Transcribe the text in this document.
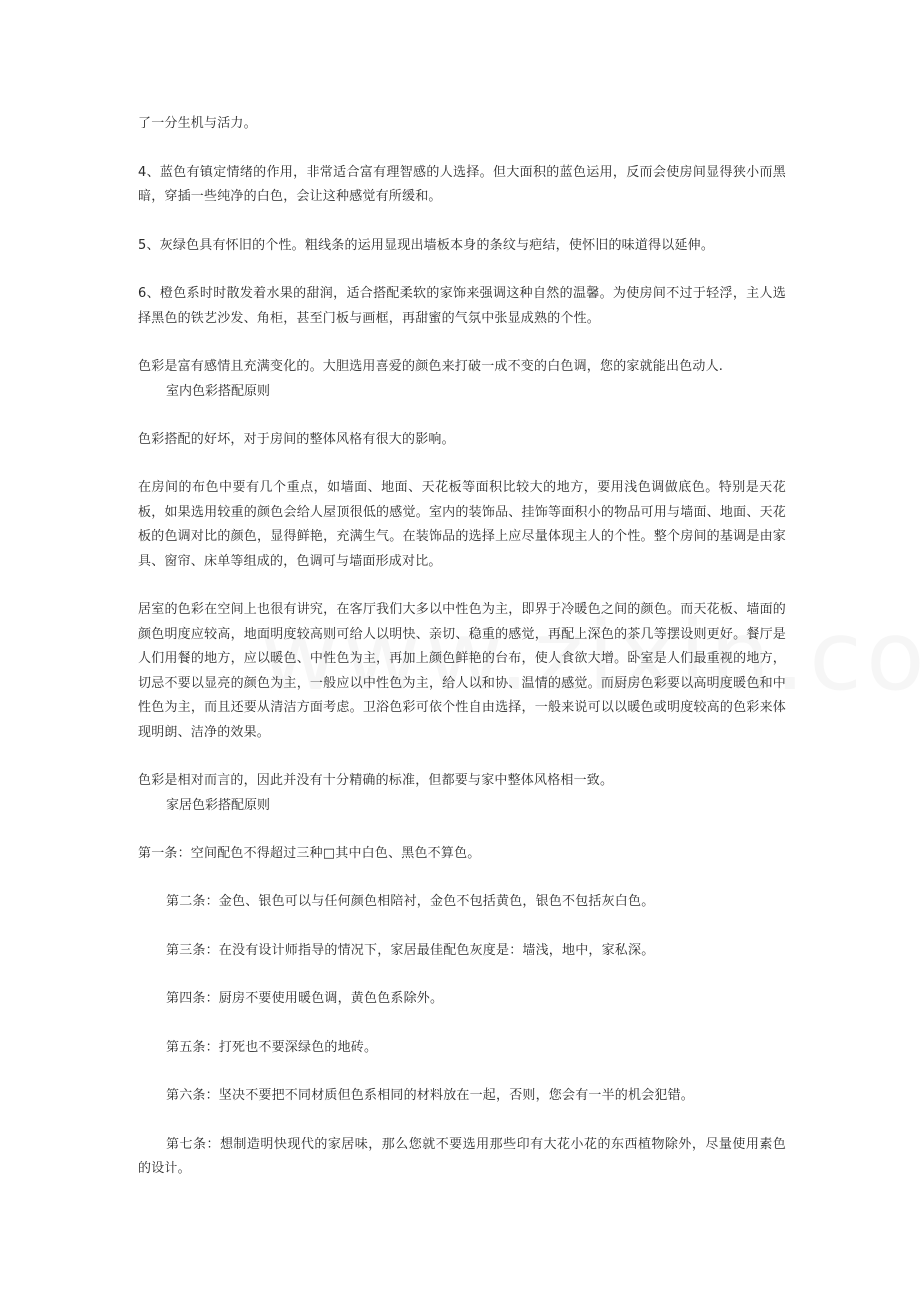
了一分生机与活力。

4、蓝色有镇定情绪的作用，非常适合富有理智感的人选择。但大面积的蓝色运用，反而会使房间显得狭小而黑暗，穿插一些纯净的白色，会让这种感觉有所缓和。

5、灰绿色具有怀旧的个性。粗线条的运用显现出墙板本身的条纹与疤结，使怀旧的味道得以延伸。

6、橙色系时时散发着水果的甜润，适合搭配柔软的家饰来强调这种自然的温馨。为使房间不过于轻浮，主人选择黑色的铁艺沙发、角柜，甚至门板与画框，再甜蜜的气氛中张显成熟的个性。

色彩是富有感情且充满变化的。大胆选用喜爱的颜色来打破一成不变的白色调，您的家就能出色动人.

室内色彩搭配原则

色彩搭配的好坏，对于房间的整体风格有很大的影响。

在房间的布色中要有几个重点，如墙面、地面、天花板等面积比较大的地方，要用浅色调做底色。特别是天花板，如果选用较重的颜色会给人屋顶很低的感觉。室内的装饰品、挂饰等面积小的物品可用与墙面、地面、天花板的色调对比的颜色，显得鲜艳，充满生气。在装饰品的选择上应尽量体现主人的个性。整个房间的基调是由家具、窗帘、床单等组成的，色调可与墙面形成对比。

居室的色彩在空间上也很有讲究，在客厅我们大多以中性色为主，即界于冷暖色之间的颜色。而天花板、墙面的颜色明度应较高，地面明度较高则可给人以明快、亲切、稳重的感觉，再配上深色的茶几等摆设则更好。餐厅是人们用餐的地方，应以暖色、中性色为主，再加上颜色鲜艳的台布，使人食欲大增。卧室是人们最重视的地方，切忌不要以显亮的颜色为主，一般应以中性色为主，给人以和协、温情的感觉。而厨房色彩要以高明度暖色和中性色为主，而且还要从清洁方面考虑。卫浴色彩可依个性自由选择，一般来说可以以暖色或明度较高的色彩来体现明朗、洁净的效果。

色彩是相对而言的，因此并没有十分精确的标准，但都要与家中整体风格相一致。

家居色彩搭配原则

第一条：空间配色不得超过三种□其中白色、黑色不算色。

第二条：金色、银色可以与任何颜色相陪衬，金色不包括黄色，银色不包括灰白色。

第三条：在没有设计师指导的情况下，家居最佳配色灰度是：墙浅，地中，家私深。

第四条：厨房不要使用暖色调，黄色色系除外。

第五条：打死也不要深绿色的地砖。

第六条：坚决不要把不同材质但色系相同的材料放在一起，否则，您会有一半的机会犯错。

第七条：想制造明快现代的家居味，那么您就不要选用那些印有大花小花的东西植物除外，尽量使用素色的设计。
